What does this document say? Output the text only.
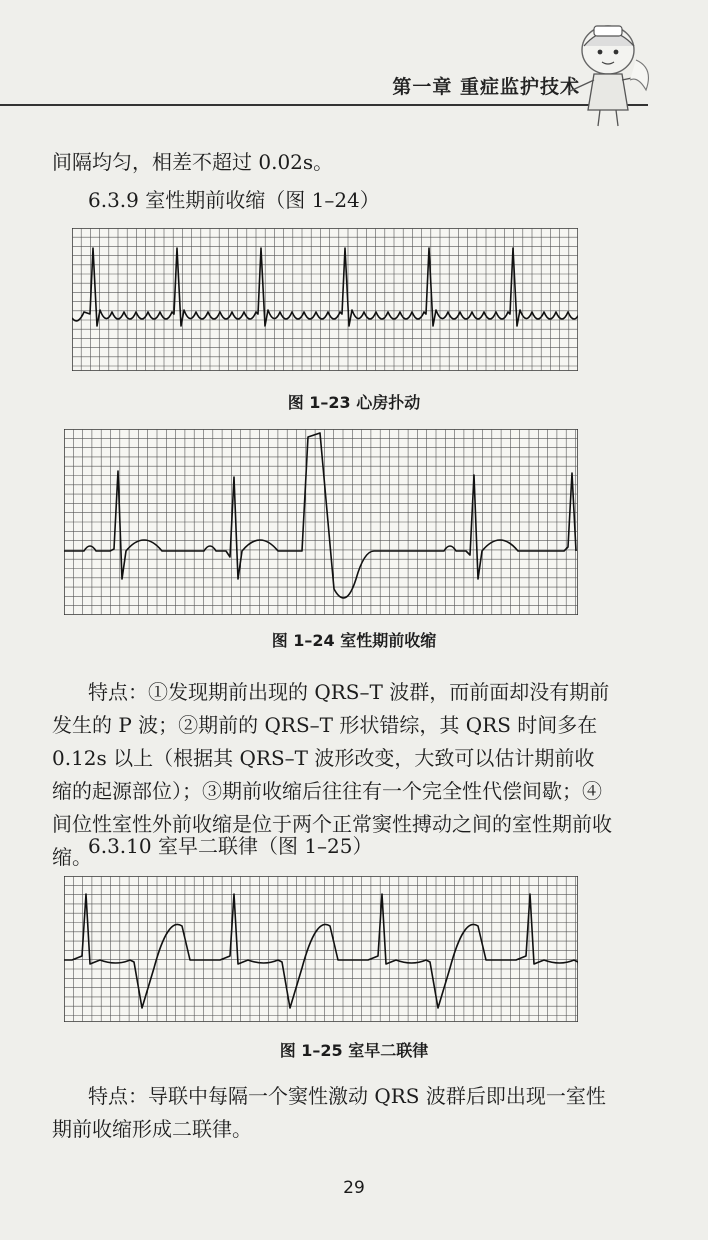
第一章 重症监护技术
间隔均匀，相差不超过 0.02s。
6.3.9 室性期前收缩（图 1–24）
图 1–23 心房扑动
图 1–24 室性期前收缩
特点：①发现期前出现的 QRS–T 波群，而前面却没有期前发生的 P 波；②期前的 QRS–T 形状错综，其 QRS 时间多在 0.12s 以上（根据其 QRS–T 波形改变，大致可以估计期前收缩的起源部位）；③期前收缩后往往有一个完全性代偿间歇；④间位性室性外前收缩是位于两个正常窦性搏动之间的室性期前收缩。
6.3.10 室早二联律（图 1–25）
图 1–25 室早二联律
特点：导联中每隔一个窦性激动 QRS 波群后即出现一室性期前收缩形成二联律。
29
